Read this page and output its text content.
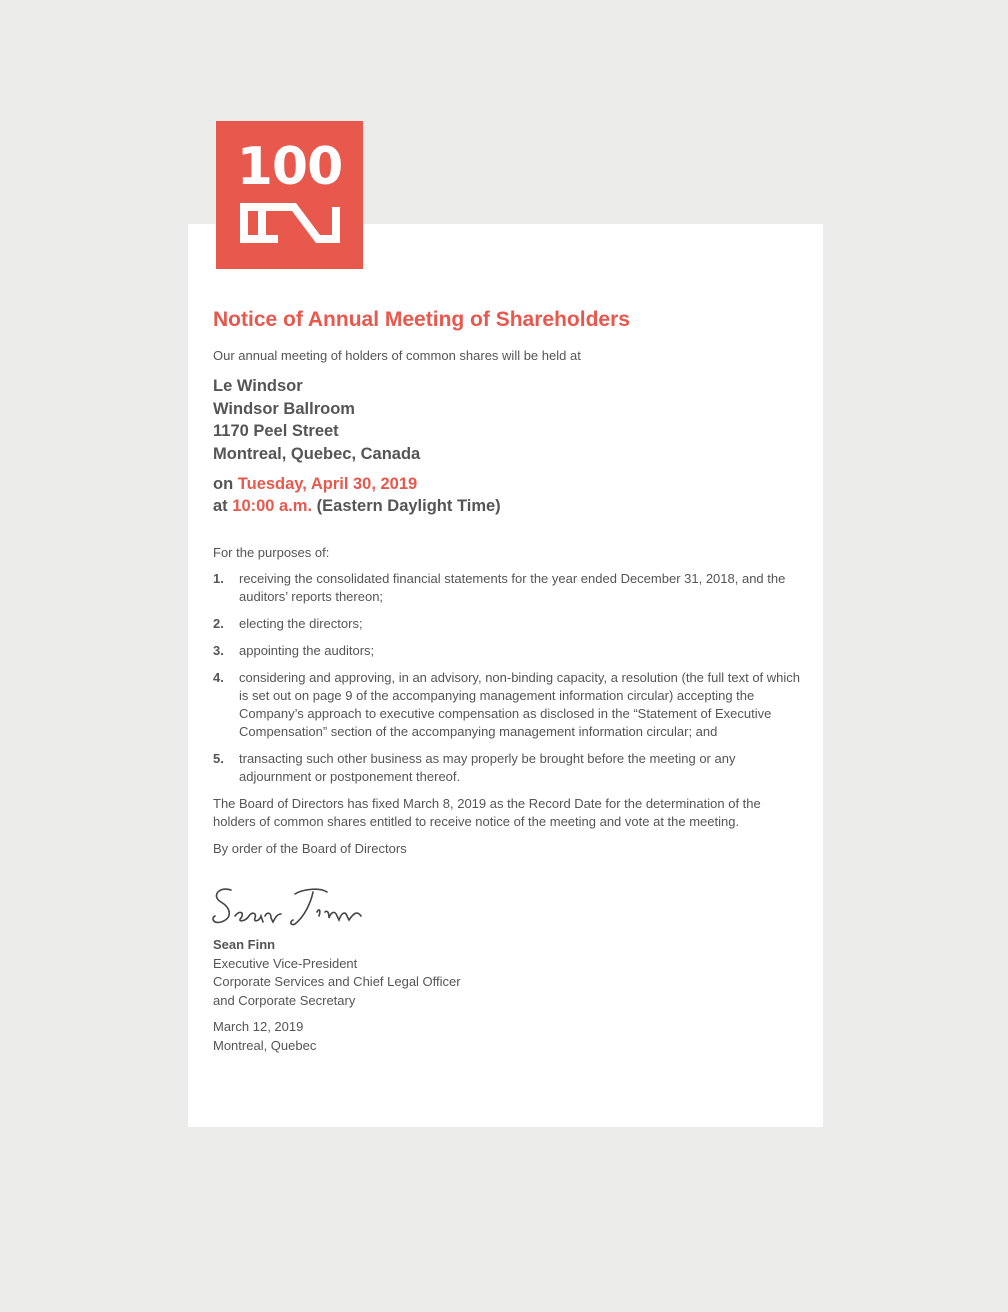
100
Notice of Annual Meeting of Shareholders

Our annual meeting of holders of common shares will be held at

Le Windsor
Windsor Ballroom
1170 Peel Street
Montreal, Quebec, Canada
on Tuesday, April 30, 2019
at 10:00 a.m. (Eastern Daylight Time)

For the purposes of:

1. receiving the consolidated financial statements for the year ended December 31, 2018, and the auditors’ reports thereon;
2. electing the directors;
3. appointing the auditors;
4. considering and approving, in an advisory, non-binding capacity, a resolution (the full text of which is set out on page 9 of the accompanying management information circular) accepting the Company’s approach to executive compensation as disclosed in the “Statement of Executive Compensation” section of the accompanying management information circular; and
5. transacting such other business as may properly be brought before the meeting or any adjournment or postponement thereof.

The Board of Directors has fixed March 8, 2019 as the Record Date for the determination of the holders of common shares entitled to receive notice of the meeting and vote at the meeting.

By order of the Board of Directors

Sean Finn
Executive Vice-President
Corporate Services and Chief Legal Officer
and Corporate Secretary
March 12, 2019
Montreal, Quebec
